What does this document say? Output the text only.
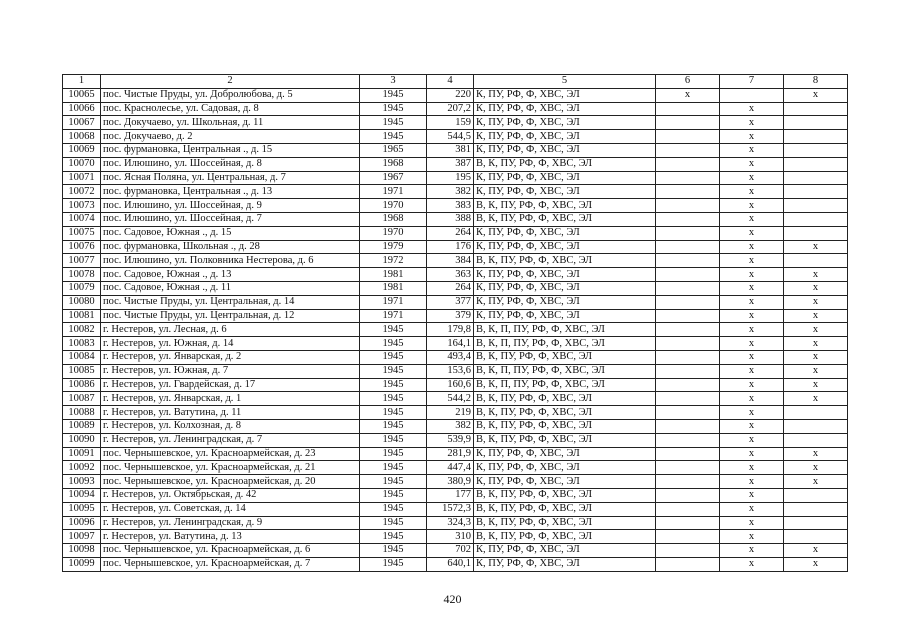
1	2	3	4	5	6	7	8
10065	пос. Чистые Пруды, ул. Добролюбова, д. 5	1945	220	К, ПУ, РФ, Ф, ХВС, ЭЛ	х		х
10066	пос. Краснолесье, ул. Садовая, д. 8	1945	207,2	К, ПУ, РФ, Ф, ХВС, ЭЛ		х	
10067	пос. Докучаево, ул. Школьная, д. 11	1945	159	К, ПУ, РФ, Ф, ХВС, ЭЛ		х	
10068	пос. Докучаево, д. 2	1945	544,5	К, ПУ, РФ, Ф, ХВС, ЭЛ		х	
10069	пос. фурмановка, Центральная ., д. 15	1965	381	К, ПУ, РФ, Ф, ХВС, ЭЛ		х	
10070	пос. Илюшино, ул. Шоссейная, д. 8	1968	387	В, К, ПУ, РФ, Ф, ХВС, ЭЛ		х	
10071	пос. Ясная Поляна, ул. Центральная, д. 7	1967	195	К, ПУ, РФ, Ф, ХВС, ЭЛ		х	
10072	пос. фурмановка, Центральная ., д. 13	1971	382	К, ПУ, РФ, Ф, ХВС, ЭЛ		х	
10073	пос. Илюшино, ул. Шоссейная, д. 9	1970	383	В, К, ПУ, РФ, Ф, ХВС, ЭЛ		х	
10074	пос. Илюшино, ул. Шоссейная, д. 7	1968	388	В, К, ПУ, РФ, Ф, ХВС, ЭЛ		х	
10075	пос. Садовое, Южная ., д. 15	1970	264	К, ПУ, РФ, Ф, ХВС, ЭЛ		х	
10076	пос. фурмановка, Школьная ., д. 28	1979	176	К, ПУ, РФ, Ф, ХВС, ЭЛ		х	х
10077	пос. Илюшино, ул. Полковника Нестерова, д. 6	1972	384	В, К, ПУ, РФ, Ф, ХВС, ЭЛ		х	
10078	пос. Садовое, Южная ., д. 13	1981	363	К, ПУ, РФ, Ф, ХВС, ЭЛ		х	х
10079	пос. Садовое, Южная ., д. 11	1981	264	К, ПУ, РФ, Ф, ХВС, ЭЛ		х	х
10080	пос. Чистые Пруды, ул. Центральная, д. 14	1971	377	К, ПУ, РФ, Ф, ХВС, ЭЛ		х	х
10081	пос. Чистые Пруды, ул. Центральная, д. 12	1971	379	К, ПУ, РФ, Ф, ХВС, ЭЛ		х	х
10082	г. Нестеров, ул. Лесная, д. 6	1945	179,8	В, К, П, ПУ, РФ, Ф, ХВС, ЭЛ		х	х
10083	г. Нестеров, ул. Южная, д. 14	1945	164,1	В, К, П, ПУ, РФ, Ф, ХВС, ЭЛ		х	х
10084	г. Нестеров, ул. Январская, д. 2	1945	493,4	В, К, ПУ, РФ, Ф, ХВС, ЭЛ		х	х
10085	г. Нестеров, ул. Южная, д. 7	1945	153,6	В, К, П, ПУ, РФ, Ф, ХВС, ЭЛ		х	х
10086	г. Нестеров, ул. Гвардейская, д. 17	1945	160,6	В, К, П, ПУ, РФ, Ф, ХВС, ЭЛ		х	х
10087	г. Нестеров, ул. Январская, д. 1	1945	544,2	В, К, ПУ, РФ, Ф, ХВС, ЭЛ		х	х
10088	г. Нестеров, ул. Ватутина, д. 11	1945	219	В, К, ПУ, РФ, Ф, ХВС, ЭЛ		х	
10089	г. Нестеров, ул. Колхозная, д. 8	1945	382	В, К, ПУ, РФ, Ф, ХВС, ЭЛ		х	
10090	г. Нестеров, ул. Ленинградская, д. 7	1945	539,9	В, К, ПУ, РФ, Ф, ХВС, ЭЛ		х	
10091	пос. Чернышевское, ул. Красноармейская, д. 23	1945	281,9	К, ПУ, РФ, Ф, ХВС, ЭЛ		х	х
10092	пос. Чернышевское, ул. Красноармейская, д. 21	1945	447,4	К, ПУ, РФ, Ф, ХВС, ЭЛ		х	х
10093	пос. Чернышевское, ул. Красноармейская, д. 20	1945	380,9	К, ПУ, РФ, Ф, ХВС, ЭЛ		х	х
10094	г. Нестеров, ул. Октябрьская, д. 42	1945	177	В, К, ПУ, РФ, Ф, ХВС, ЭЛ		х	
10095	г. Нестеров, ул. Советская, д. 14	1945	1572,3	В, К, ПУ, РФ, Ф, ХВС, ЭЛ		х	
10096	г. Нестеров, ул. Ленинградская, д. 9	1945	324,3	В, К, ПУ, РФ, Ф, ХВС, ЭЛ		х	
10097	г. Нестеров, ул. Ватутина, д. 13	1945	310	В, К, ПУ, РФ, Ф, ХВС, ЭЛ		х	
10098	пос. Чернышевское, ул. Красноармейская, д. 6	1945	702	К, ПУ, РФ, Ф, ХВС, ЭЛ		х	х
10099	пос. Чернышевское, ул. Красноармейская, д. 7	1945	640,1	К, ПУ, РФ, Ф, ХВС, ЭЛ		х	х
420
